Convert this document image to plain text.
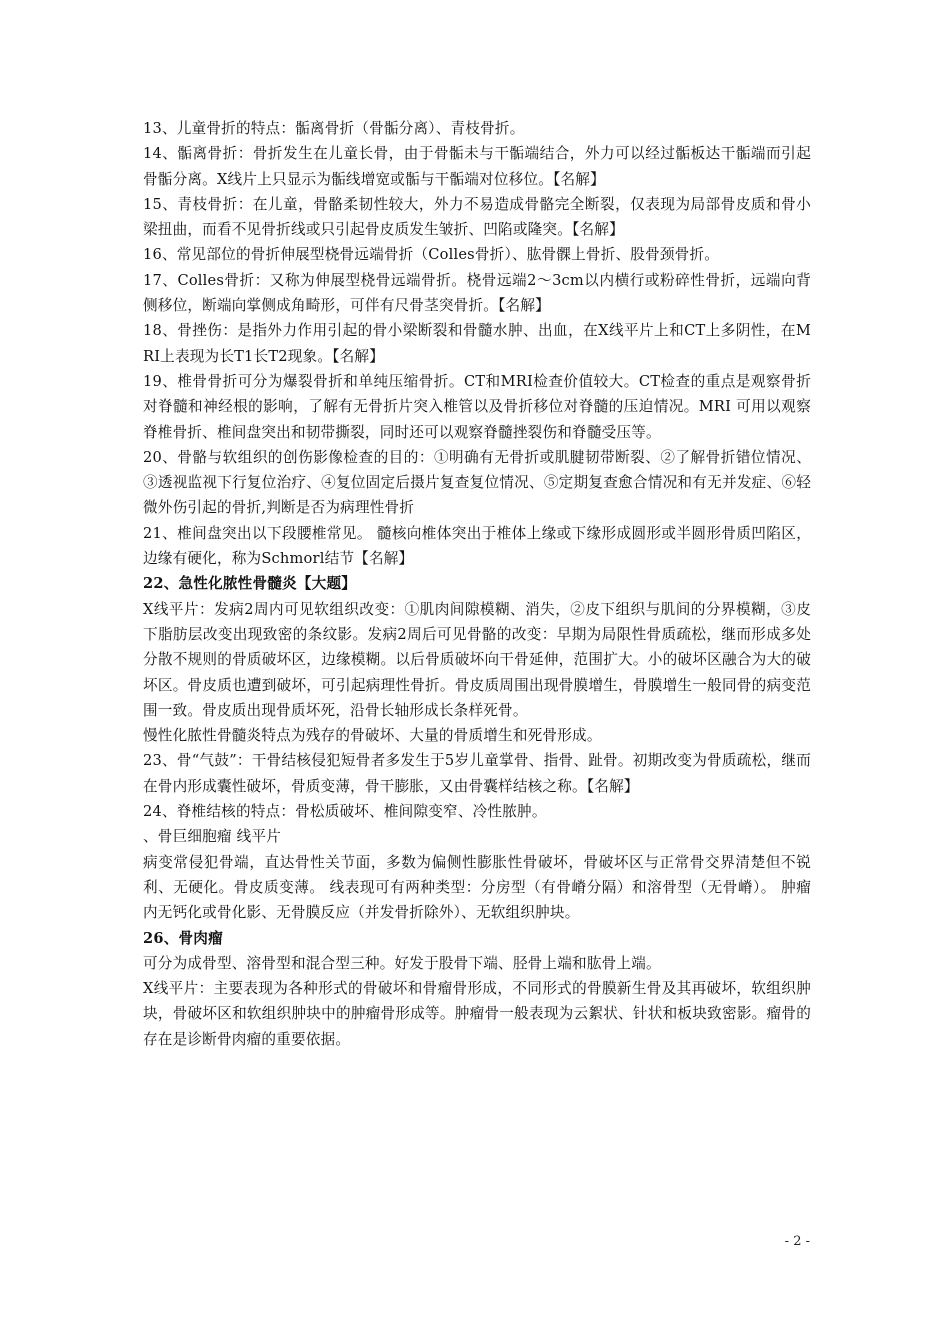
13、儿童骨折的特点：骺离骨折（骨骺分离）、青枝骨折。

14、骺离骨折：骨折发生在儿童长骨，由于骨骺未与干骺端结合，外力可以经过骺板达干骺端而引起骨骺分离。X线片上只显示为骺线增宽或骺与干骺端对位移位。【名解】

15、青枝骨折：在儿童，骨骼柔韧性较大，外力不易造成骨骼完全断裂，仅表现为局部骨皮质和骨小梁扭曲，而看不见骨折线或只引起骨皮质发生皱折、凹陷或隆突。【名解】

16、常见部位的骨折伸展型桡骨远端骨折（Colles骨折）、肱骨髁上骨折、股骨颈骨折。

17、Colles骨折：又称为伸展型桡骨远端骨折。桡骨远端2～3cm以内横行或粉碎性骨折，远端向背侧移位，断端向掌侧成角畸形，可伴有尺骨茎突骨折。【名解】

18、骨挫伤：是指外力作用引起的骨小梁断裂和骨髓水肿、出血，在X线平片上和CT上多阴性，在MRI上表现为长T1长T2现象。【名解】

19、椎骨骨折可分为爆裂骨折和单纯压缩骨折。CT和MRI检查价值较大。CT检查的重点是观察骨折对脊髓和神经根的影响，了解有无骨折片突入椎管以及骨折移位对脊髓的压迫情况。MRI 可用以观察脊椎骨折、椎间盘突出和韧带撕裂，同时还可以观察脊髓挫裂伤和脊髓受压等。

20、骨骼与软组织的创伤影像检查的目的：①明确有无骨折或肌腱韧带断裂、②了解骨折错位情况、③透视监视下行复位治疗、④复位固定后摄片复查复位情况、⑤定期复查愈合情况和有无并发症、⑥轻微外伤引起的骨折,判断是否为病理性骨折

21、椎间盘突出以下段腰椎常见。 髓核向椎体突出于椎体上缘或下缘形成圆形或半圆形骨质凹陷区，边缘有硬化，称为Schmorl结节【名解】

22、急性化脓性骨髓炎【大题】

X线平片：发病2周内可见软组织改变：①肌肉间隙模糊、消失，②皮下组织与肌间的分界模糊，③皮下脂肪层改变出现致密的条纹影。发病2周后可见骨骼的改变：早期为局限性骨质疏松，继而形成多处分散不规则的骨质破坏区，边缘模糊。以后骨质破坏向干骨延伸，范围扩大。小的破坏区融合为大的破坏区。骨皮质也遭到破坏，可引起病理性骨折。骨皮质周围出现骨膜增生，骨膜增生一般同骨的病变范围一致。骨皮质出现骨质坏死，沿骨长轴形成长条样死骨。

慢性化脓性骨髓炎特点为残存的骨破坏、大量的骨质增生和死骨形成。

23、骨“气鼓”：干骨结核侵犯短骨者多发生于5岁儿童掌骨、指骨、趾骨。初期改变为骨质疏松，继而在骨内形成囊性破坏，骨质变薄，骨干膨胀，又由骨囊样结核之称。【名解】

24、脊椎结核的特点：骨松质破坏、椎间隙变窄、冷性脓肿。

、骨巨细胞瘤 线平片

病变常侵犯骨端，直达骨性关节面，多数为偏侧性膨胀性骨破坏，骨破坏区与正常骨交界清楚但不锐利、无硬化。骨皮质变薄。 线表现可有两种类型：分房型（有骨嵴分隔）和溶骨型（无骨嵴）。 肿瘤内无钙化或骨化影、无骨膜反应（并发骨折除外）、无软组织肿块。

26、骨肉瘤

可分为成骨型、溶骨型和混合型三种。好发于股骨下端、胫骨上端和肱骨上端。

X线平片：主要表现为各种形式的骨破坏和骨瘤骨形成，不同形式的骨膜新生骨及其再破坏，软组织肿块，骨破坏区和软组织肿块中的肿瘤骨形成等。肿瘤骨一般表现为云絮状、针状和板块致密影。瘤骨的存在是诊断骨肉瘤的重要依据。

- 2 -
